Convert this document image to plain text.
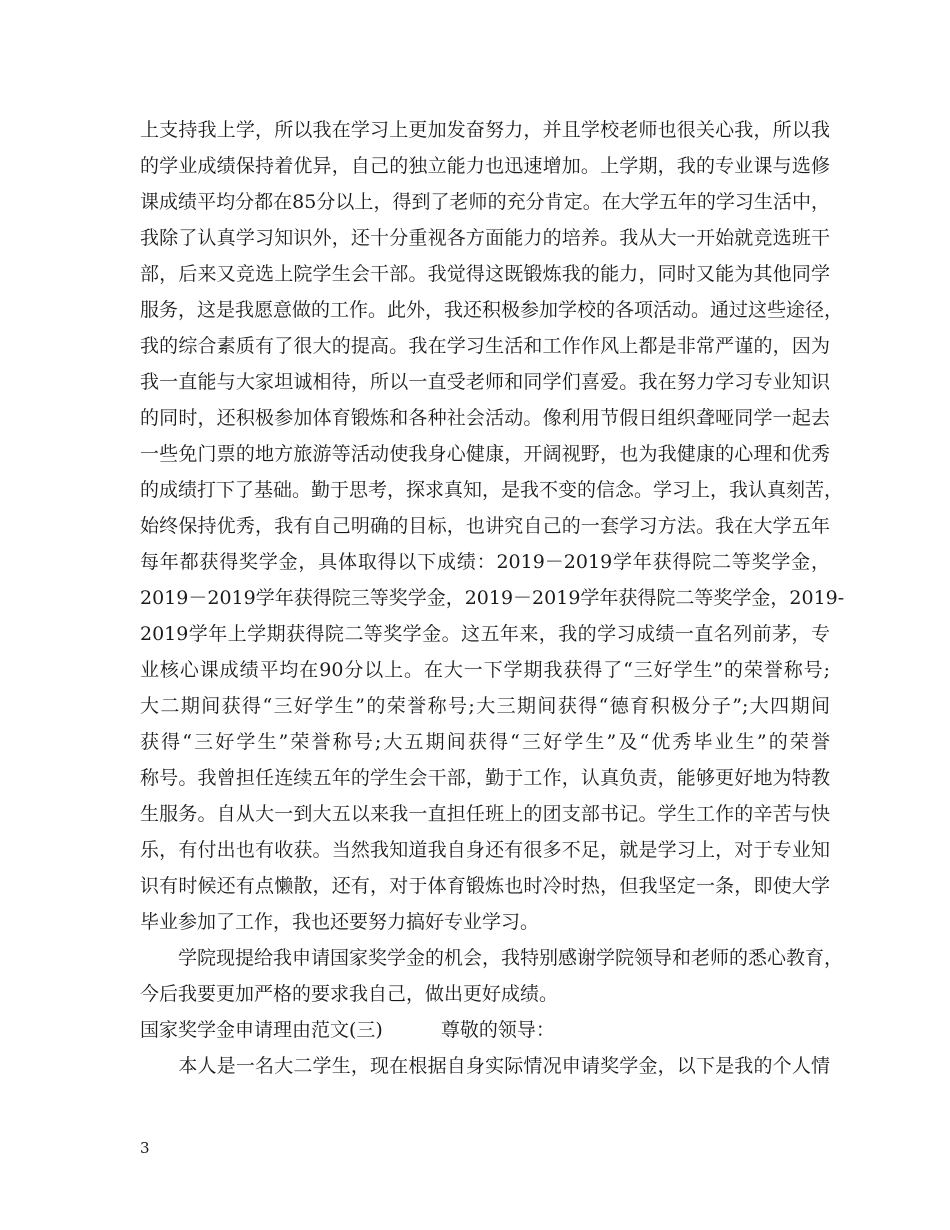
上支持我上学，所以我在学习上更加发奋努力，并且学校老师也很关心我，所以我
的学业成绩保持着优异，自己的独立能力也迅速增加。上学期，我的专业课与选修
课成绩平均分都在85分以上，得到了老师的充分肯定。在大学五年的学习生活中，
我除了认真学习知识外，还十分重视各方面能力的培养。我从大一开始就竞选班干
部，后来又竞选上院学生会干部。我觉得这既锻炼我的能力，同时又能为其他同学
服务，这是我愿意做的工作。此外，我还积极参加学校的各项活动。通过这些途径，
我的综合素质有了很大的提高。我在学习生活和工作作风上都是非常严谨的，因为
我一直能与大家坦诚相待，所以一直受老师和同学们喜爱。我在努力学习专业知识
的同时，还积极参加体育锻炼和各种社会活动。像利用节假日组织聋哑同学一起去
一些免门票的地方旅游等活动使我身心健康，开阔视野，也为我健康的心理和优秀
的成绩打下了基础。勤于思考，探求真知，是我不变的信念。学习上，我认真刻苦，
始终保持优秀，我有自己明确的目标，也讲究自己的一套学习方法。我在大学五年
每年都获得奖学金，具体取得以下成绩：2019－2019学年获得院二等奖学金，
2019－2019学年获得院三等奖学金，2019－2019学年获得院二等奖学金，2019-
2019学年上学期获得院二等奖学金。这五年来，我的学习成绩一直名列前茅，专
业核心课成绩平均在90分以上。在大一下学期我获得了“三好学生”的荣誉称号;
大二期间获得“三好学生”的荣誉称号;大三期间获得“德育积极分子”;大四期间
获得“三好学生”荣誉称号;大五期间获得“三好学生”及“优秀毕业生”的荣誉
称号。我曾担任连续五年的学生会干部，勤于工作，认真负责，能够更好地为特教
生服务。自从大一到大五以来我一直担任班上的团支部书记。学生工作的辛苦与快
乐，有付出也有收获。当然我知道我自身还有很多不足，就是学习上，对于专业知
识有时候还有点懒散，还有，对于体育锻炼也时冷时热，但我坚定一条，即使大学
毕业参加了工作，我也还要努力搞好专业学习。
　　学院现提给我申请国家奖学金的机会，我特别感谢学院领导和老师的悉心教育，
今后我要更加严格的要求我自己，做出更好成绩。
国家奖学金申请理由范文(三)	尊敬的领导：
　　本人是一名大二学生，现在根据自身实际情况申请奖学金，以下是我的个人情
3
